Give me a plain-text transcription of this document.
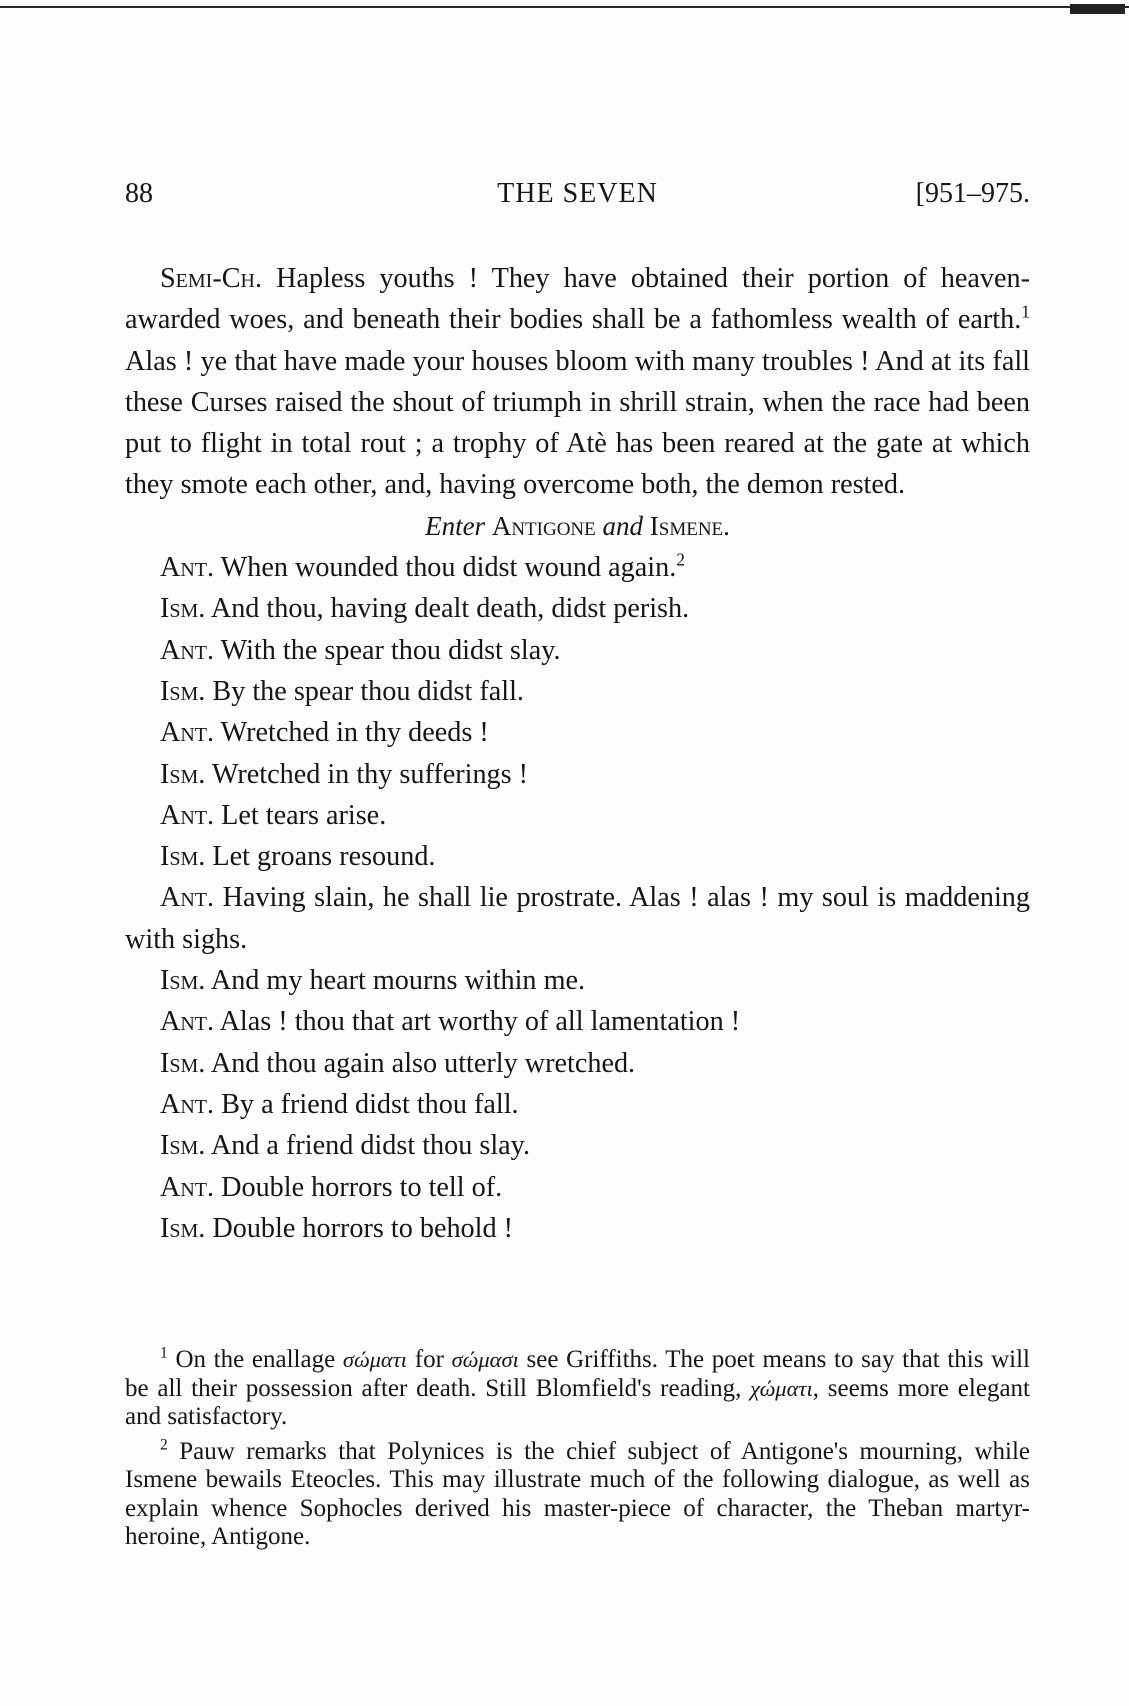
88	THE SEVEN	[951–975.

Semi-Ch. Hapless youths ! They have obtained their portion of heaven-awarded woes, and beneath their bodies shall be a fathomless wealth of earth.$^1$ Alas ! ye that have made your houses bloom with many troubles ! And at its fall these Curses raised the shout of triumph in shrill strain, when the race had been put to flight in total rout ; a trophy of Atè has been reared at the gate at which they smote each other, and, having overcome both, the demon rested.

Enter Antigone and Ismene.
Ant. When wounded thou didst wound again.$^2$
Ism. And thou, having dealt death, didst perish.
Ant. With the spear thou didst slay.
Ism. By the spear thou didst fall.
Ant. Wretched in thy deeds !
Ism. Wretched in thy sufferings !
Ant. Let tears arise.
Ism. Let groans resound.
Ant. Having slain, he shall lie prostrate. Alas ! alas ! my soul is maddening with sighs.
Ism. And my heart mourns within me.
Ant. Alas ! thou that art worthy of all lamentation !
Ism. And thou again also utterly wretched.
Ant. By a friend didst thou fall.
Ism. And a friend didst thou slay.
Ant. Double horrors to tell of.
Ism. Double horrors to behold !
$^1$ On the enallage σώματι for σώμασι see Griffiths. The poet means to say that this will be all their possession after death. Still Blomfield's reading, χώματι, seems more elegant and satisfactory.
$^2$ Pauw remarks that Polynices is the chief subject of Antigone's mourning, while Ismene bewails Eteocles. This may illustrate much of the following dialogue, as well as explain whence Sophocles derived his master-piece of character, the Theban martyr-heroine, Antigone.
